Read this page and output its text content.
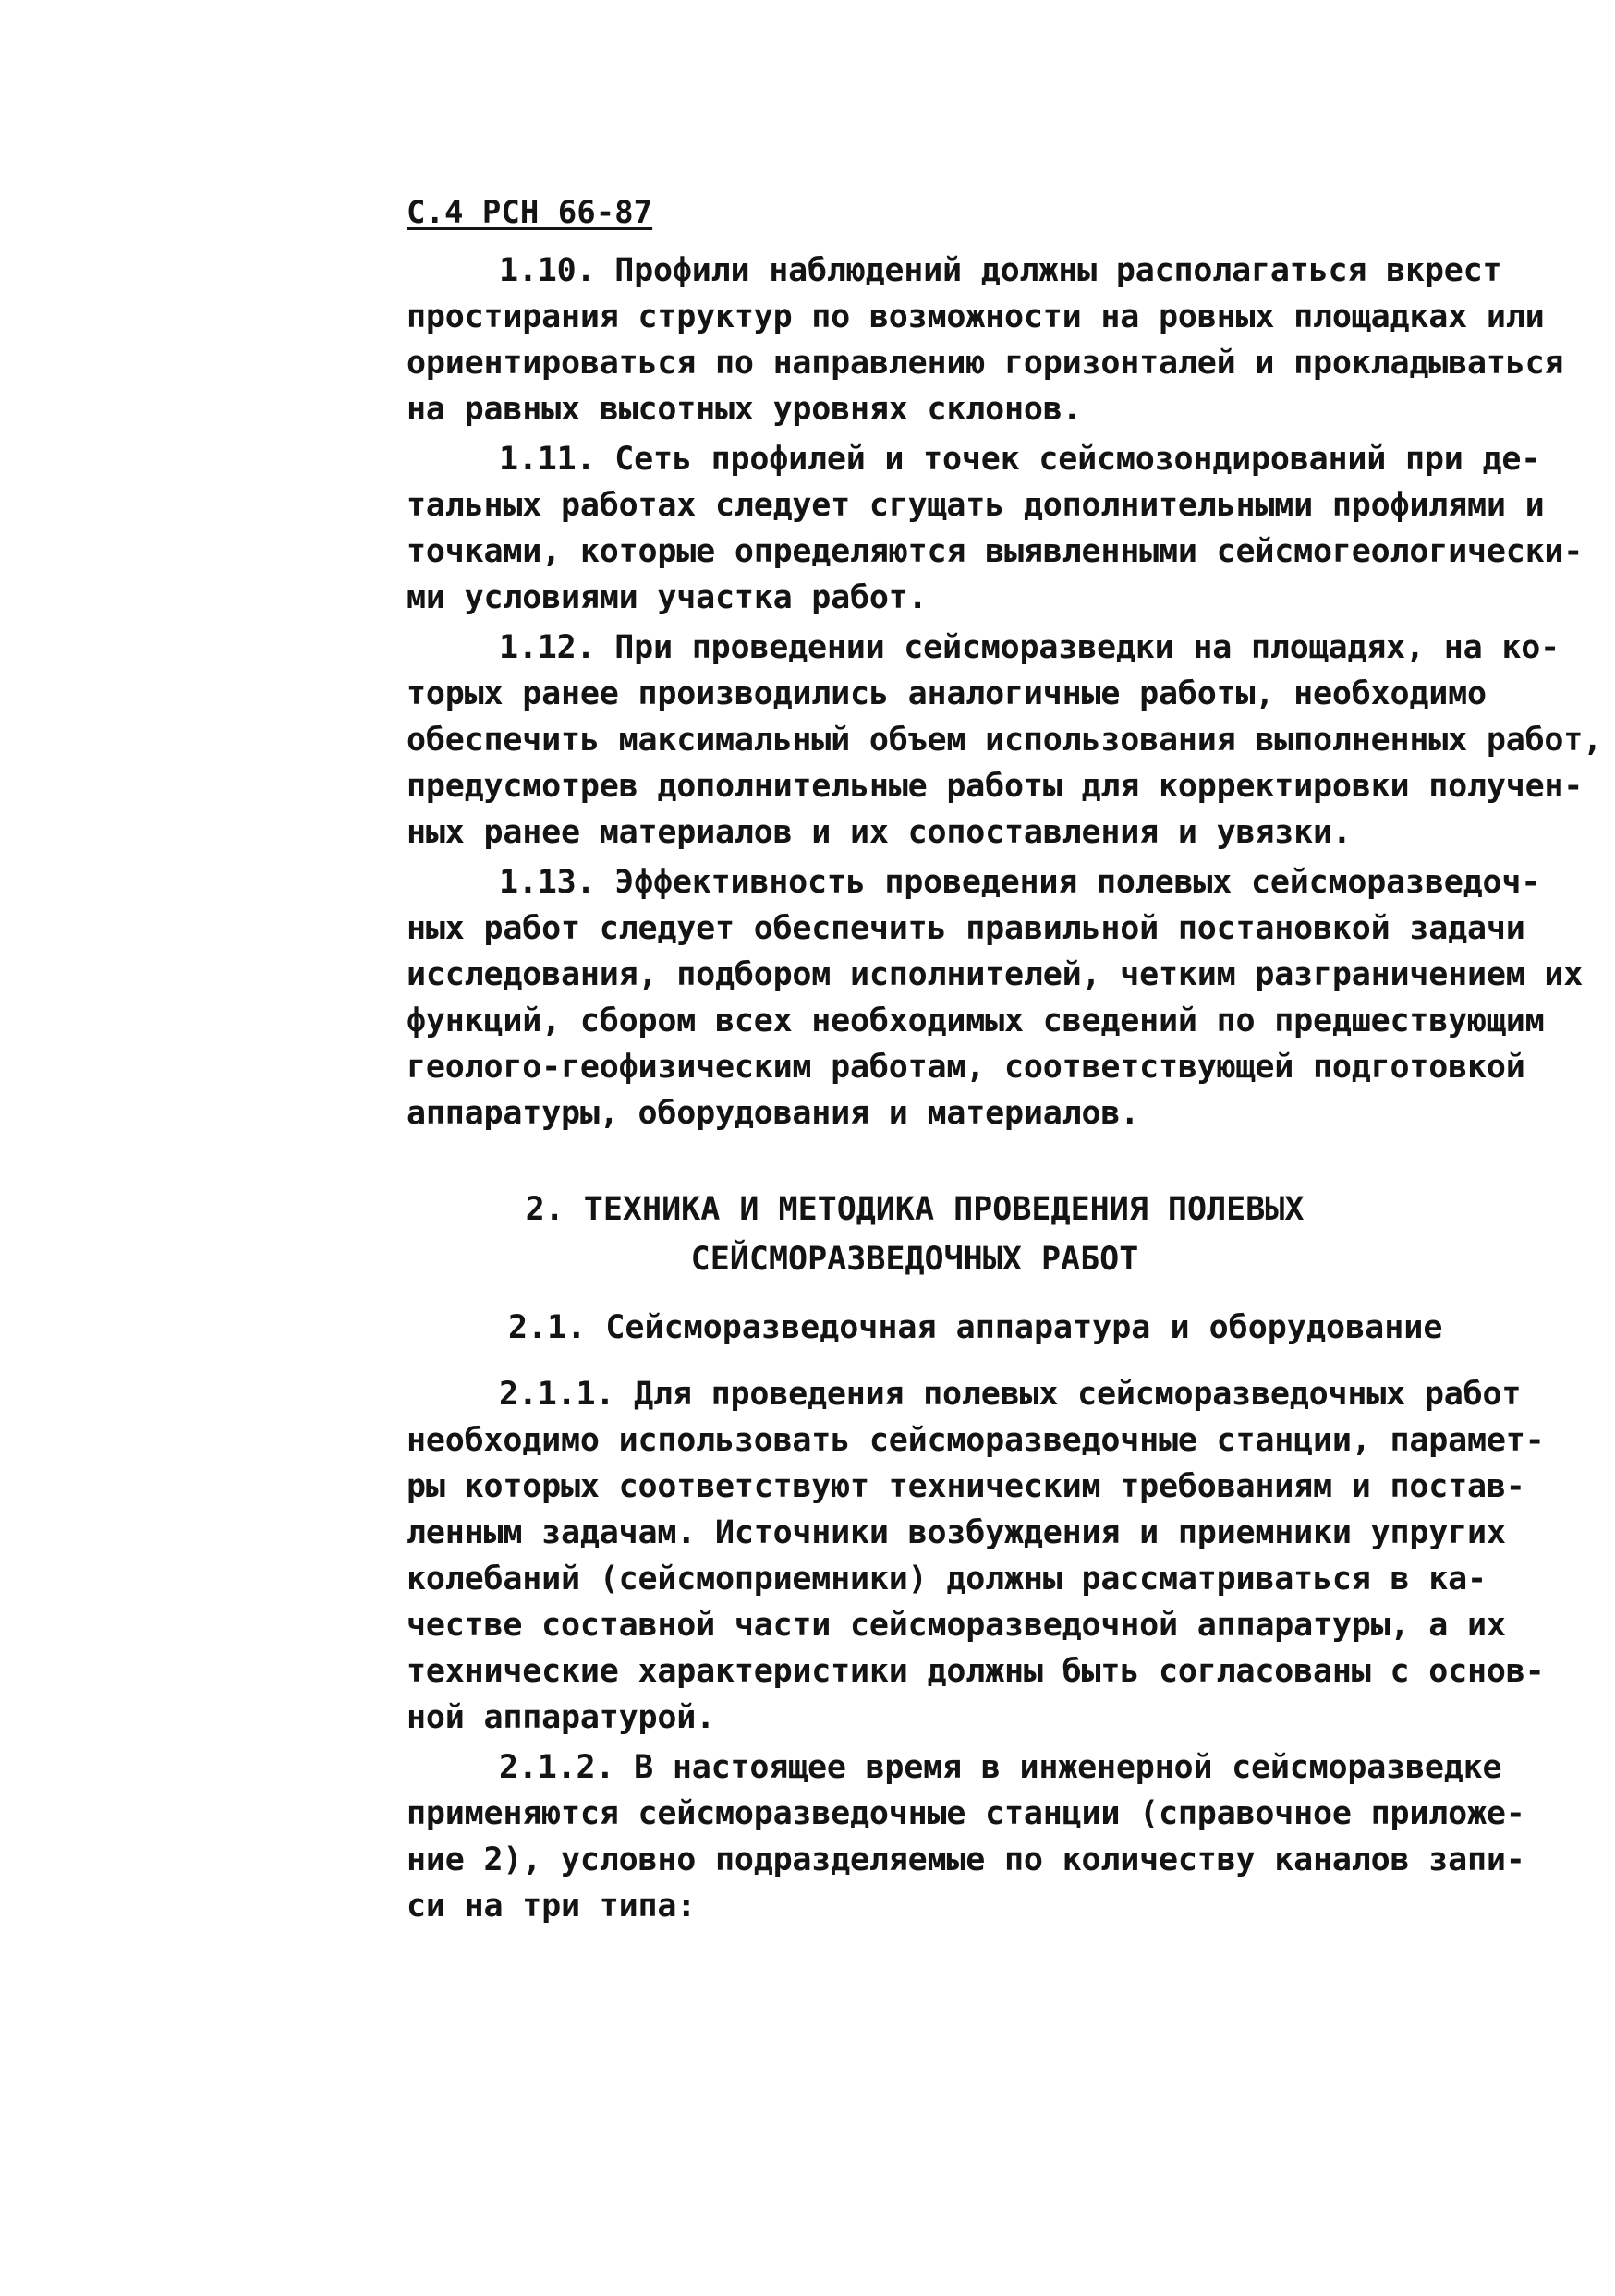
С.4 РСН 66-87
1.10. Профили наблюдений должны располагаться вкрест
простирания структур по возможности на ровных площадках или
ориентироваться по направлению горизонталей и прокладываться
на равных высотных уровнях склонов.
1.11. Сеть профилей и точек сейсмозондирований при де-
тальных работах следует сгущать дополнительными профилями и
точками, которые определяются выявленными сейсмогеологически-
ми условиями участка работ.
1.12. При проведении сейсморазведки на площадях, на ко-
торых ранее производились аналогичные работы, необходимо
обеспечить максимальный объем использования выполненных работ,
предусмотрев дополнительные работы для корректировки получен-
ных ранее материалов и их сопоставления и увязки.
1.13. Эффективность проведения полевых сейсморазведоч-
ных работ следует обеспечить правильной постановкой задачи
исследования, подбором исполнителей, четким разграничением их
функций, сбором всех необходимых сведений по предшествующим
геолого-геофизическим работам, соответствующей подготовкой
аппаратуры, оборудования и материалов.
2. ТЕХНИКА И МЕТОДИКА ПРОВЕДЕНИЯ ПОЛЕВЫХ
СЕЙСМОРАЗВЕДОЧНЫХ РАБОТ
2.1. Сейсморазведочная аппаратура и оборудование
2.1.1. Для проведения полевых сейсморазведочных работ
необходимо использовать сейсморазведочные станции, парамет-
ры которых соответствуют техническим требованиям и постав-
ленным задачам. Источники возбуждения и приемники упругих
колебаний (сейсмоприемники) должны рассматриваться в ка-
честве составной части сейсморазведочной аппаратуры, а их
технические характеристики должны быть согласованы с основ-
ной аппаратурой.
2.1.2. В настоящее время в инженерной сейсморазведке
применяются сейсморазведочные станции (справочное приложе-
ние 2), условно подразделяемые по количеству каналов запи-
си на три типа:
